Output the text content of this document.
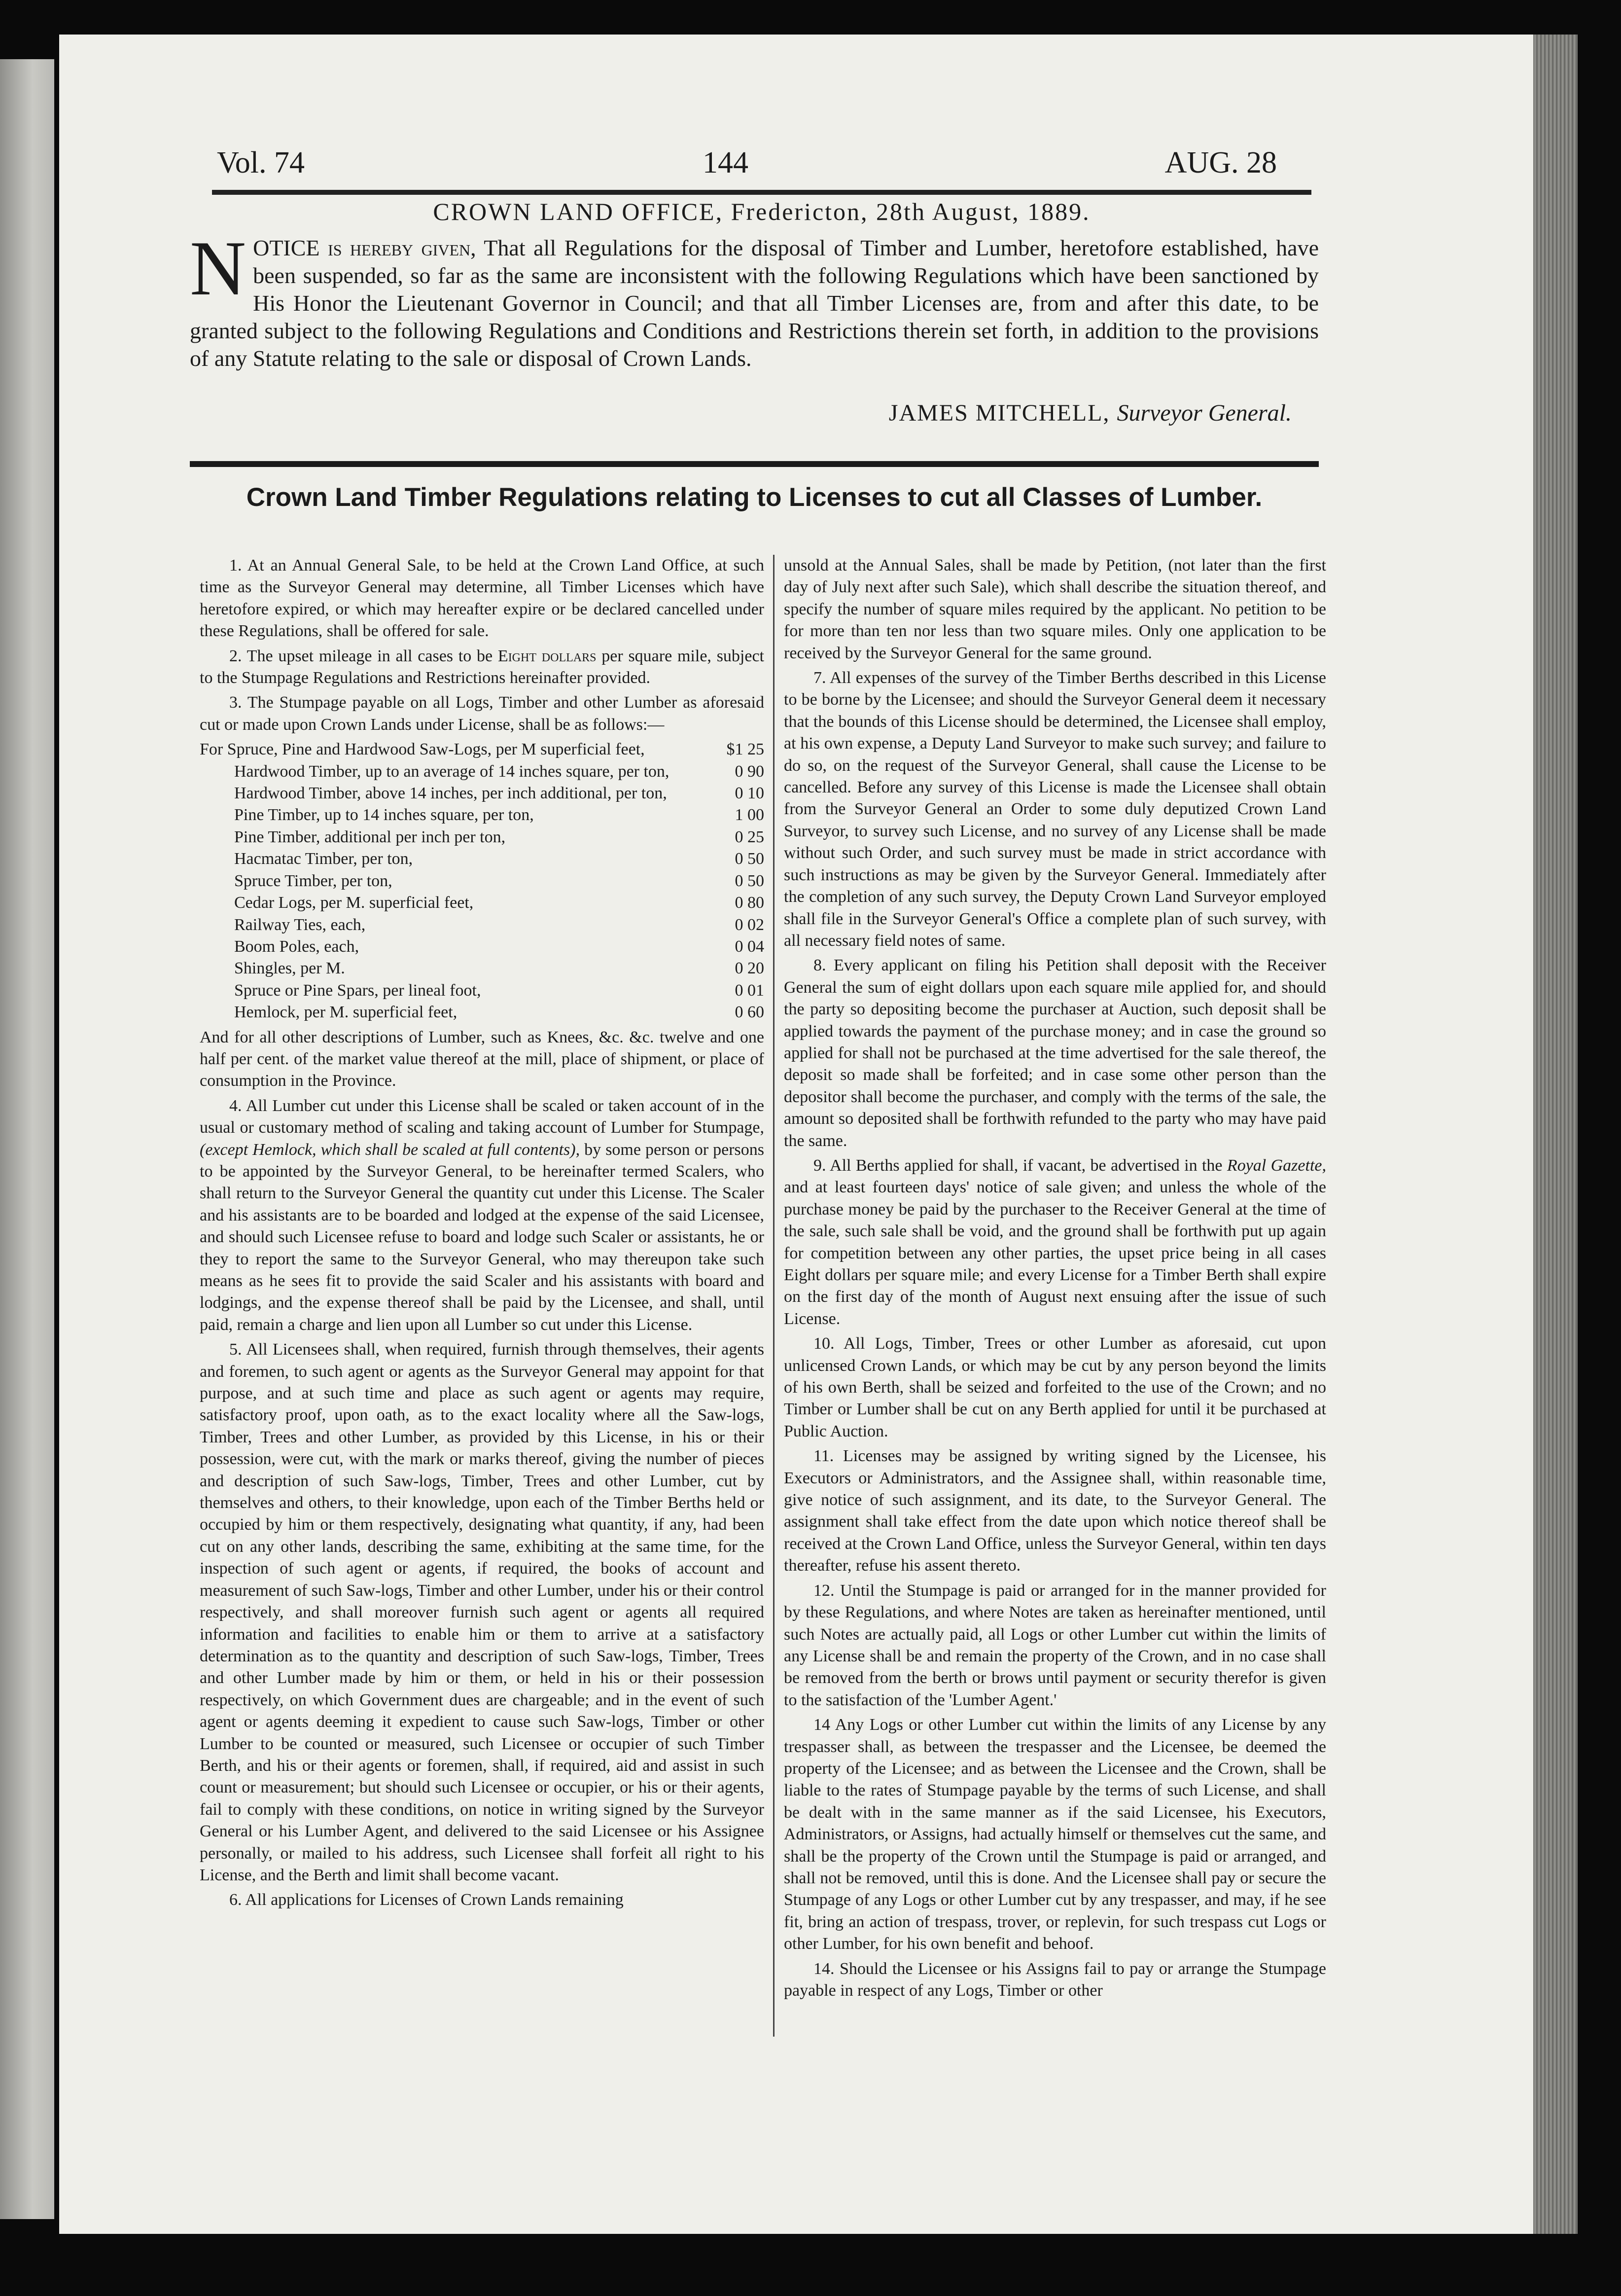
Vol. 74	144	AUG. 28
CROWN LAND OFFICE, Fredericton, 28th August, 1889.
NOTICE is hereby given, That all Regulations for the disposal of Timber and Lumber, heretofore established, have been suspended, so far as the same are inconsistent with the following Regulations which have been sanctioned by His Honor the Lieutenant Governor in Council; and that all Timber Licenses are, from and after this date, to be granted subject to the following Regulations and Conditions and Restrictions therein set forth, in addition to the provisions of any Statute relating to the sale or disposal of Crown Lands.
JAMES MITCHELL, Surveyor General.
Crown Land Timber Regulations relating to Licenses to cut all Classes of Lumber.

1. At an Annual General Sale, to be held at the Crown Land Office, at such time as the Surveyor General may determine, all Timber Licenses which have heretofore expired, or which may hereafter expire or be declared cancelled under these Regulations, shall be offered for sale.

2. The upset mileage in all cases to be Eight dollars per square mile, subject to the Stumpage Regulations and Restrictions hereinafter provided.

3. The Stumpage payable on all Logs, Timber and other Lumber as aforesaid cut or made upon Crown Lands under License, shall be as follows:—

For Spruce, Pine and Hardwood Saw-Logs, per M superficial feet,	$1 25
Hardwood Timber, up to an average of 14 inches square, per ton,	0 90
Hardwood Timber, above 14 inches, per inch additional, per ton,	0 10
Pine Timber, up to 14 inches square, per ton,	1 00
Pine Timber, additional per inch per ton,	0 25
Hacmatac Timber, per ton,	0 50
Spruce Timber, per ton,	0 50
Cedar Logs, per M. superficial feet,	0 80
Railway Ties, each,	0 02
Boom Poles, each,	0 04
Shingles, per M.	0 20
Spruce or Pine Spars, per lineal foot,	0 01
Hemlock, per M. superficial feet,	0 60

And for all other descriptions of Lumber, such as Knees, &c. &c. twelve and one half per cent. of the market value thereof at the mill, place of shipment, or place of consumption in the Province.

4. All Lumber cut under this License shall be scaled or taken account of in the usual or customary method of scaling and taking account of Lumber for Stumpage, (except Hemlock, which shall be scaled at full contents), by some person or persons to be appointed by the Surveyor General, to be hereinafter termed Scalers, who shall return to the Surveyor General the quantity cut under this License. The Scaler and his assistants are to be boarded and lodged at the expense of the said Licensee, and should such Licensee refuse to board and lodge such Scaler or assistants, he or they to report the same to the Surveyor General, who may thereupon take such means as he sees fit to provide the said Scaler and his assistants with board and lodgings, and the expense thereof shall be paid by the Licensee, and shall, until paid, remain a charge and lien upon all Lumber so cut under this License.

5. All Licensees shall, when required, furnish through themselves, their agents and foremen, to such agent or agents as the Surveyor General may appoint for that purpose, and at such time and place as such agent or agents may require, satisfactory proof, upon oath, as to the exact locality where all the Saw-logs, Timber, Trees and other Lumber, as provided by this License, in his or their possession, were cut, with the mark or marks thereof, giving the number of pieces and description of such Saw-logs, Timber, Trees and other Lumber, cut by themselves and others, to their knowledge, upon each of the Timber Berths held or occupied by him or them respectively, designating what quantity, if any, had been cut on any other lands, describing the same, exhibiting at the same time, for the inspection of such agent or agents, if required, the books of account and measurement of such Saw-logs, Timber and other Lumber, under his or their control respectively, and shall moreover furnish such agent or agents all required information and facilities to enable him or them to arrive at a satisfactory determination as to the quantity and description of such Saw-logs, Timber, Trees and other Lumber made by him or them, or held in his or their possession respectively, on which Government dues are chargeable; and in the event of such agent or agents deeming it expedient to cause such Saw-logs, Timber or other Lumber to be counted or measured, such Licensee or occupier of such Timber Berth, and his or their agents or foremen, shall, if required, aid and assist in such count or measurement; but should such Licensee or occupier, or his or their agents, fail to comply with these conditions, on notice in writing signed by the Surveyor General or his Lumber Agent, and delivered to the said Licensee or his Assignee personally, or mailed to his address, such Licensee shall forfeit all right to his License, and the Berth and limit shall become vacant.

6. All applications for Licenses of Crown Lands remaining

unsold at the Annual Sales, shall be made by Petition, (not later than the first day of July next after such Sale), which shall describe the situation thereof, and specify the number of square miles required by the applicant. No petition to be for more than ten nor less than two square miles. Only one application to be received by the Surveyor General for the same ground.

7. All expenses of the survey of the Timber Berths described in this License to be borne by the Licensee; and should the Surveyor General deem it necessary that the bounds of this License should be determined, the Licensee shall employ, at his own expense, a Deputy Land Surveyor to make such survey; and failure to do so, on the request of the Surveyor General, shall cause the License to be cancelled. Before any survey of this License is made the Licensee shall obtain from the Surveyor General an Order to some duly deputized Crown Land Surveyor, to survey such License, and no survey of any License shall be made without such Order, and such survey must be made in strict accordance with such instructions as may be given by the Surveyor General. Immediately after the completion of any such survey, the Deputy Crown Land Surveyor employed shall file in the Surveyor General's Office a complete plan of such survey, with all necessary field notes of same.

8. Every applicant on filing his Petition shall deposit with the Receiver General the sum of eight dollars upon each square mile applied for, and should the party so depositing become the purchaser at Auction, such deposit shall be applied towards the payment of the purchase money; and in case the ground so applied for shall not be purchased at the time advertised for the sale thereof, the deposit so made shall be forfeited; and in case some other person than the depositor shall become the purchaser, and comply with the terms of the sale, the amount so deposited shall be forthwith refunded to the party who may have paid the same.

9. All Berths applied for shall, if vacant, be advertised in the Royal Gazette, and at least fourteen days' notice of sale given; and unless the whole of the purchase money be paid by the purchaser to the Receiver General at the time of the sale, such sale shall be void, and the ground shall be forthwith put up again for competition between any other parties, the upset price being in all cases Eight dollars per square mile; and every License for a Timber Berth shall expire on the first day of the month of August next ensuing after the issue of such License.

10. All Logs, Timber, Trees or other Lumber as aforesaid, cut upon unlicensed Crown Lands, or which may be cut by any person beyond the limits of his own Berth, shall be seized and forfeited to the use of the Crown; and no Timber or Lumber shall be cut on any Berth applied for until it be purchased at Public Auction.

11. Licenses may be assigned by writing signed by the Licensee, his Executors or Administrators, and the Assignee shall, within reasonable time, give notice of such assignment, and its date, to the Surveyor General. The assignment shall take effect from the date upon which notice thereof shall be received at the Crown Land Office, unless the Surveyor General, within ten days thereafter, refuse his assent thereto.

12. Until the Stumpage is paid or arranged for in the manner provided for by these Regulations, and where Notes are taken as hereinafter mentioned, until such Notes are actually paid, all Logs or other Lumber cut within the limits of any License shall be and remain the property of the Crown, and in no case shall be removed from the berth or brows until payment or security therefor is given to the satisfaction of the 'Lumber Agent.'

14 Any Logs or other Lumber cut within the limits of any License by any trespasser shall, as between the trespasser and the Licensee, be deemed the property of the Licensee; and as between the Licensee and the Crown, shall be liable to the rates of Stumpage payable by the terms of such License, and shall be dealt with in the same manner as if the said Licensee, his Executors, Administrators, or Assigns, had actually himself or themselves cut the same, and shall be the property of the Crown until the Stumpage is paid or arranged, and shall not be removed, until this is done. And the Licensee shall pay or secure the Stumpage of any Logs or other Lumber cut by any trespasser, and may, if he see fit, bring an action of trespass, trover, or replevin, for such trespass cut Logs or other Lumber, for his own benefit and behoof.

14. Should the Licensee or his Assigns fail to pay or arrange the Stumpage payable in respect of any Logs, Timber or other
